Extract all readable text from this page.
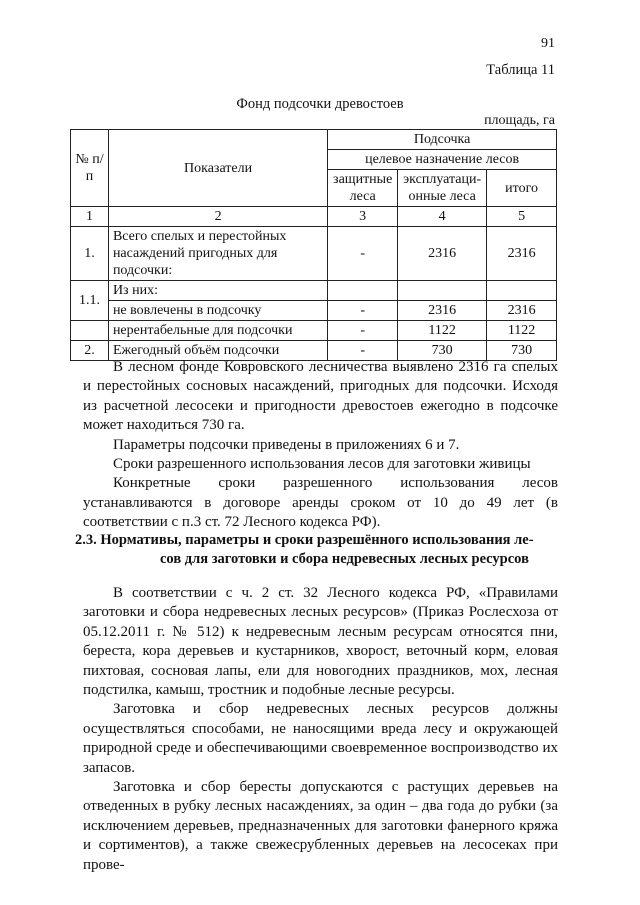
91
Таблица 11
Фонд подсочки древостоев
площадь, га
№ п/п	Показатели	Подсочка		
		целевое назначение лесов		
		защитные леса	эксплуатаци-онные леса	итого
1	2	3	4	5
1.	Всего спелых и перестойных насаждений пригодных для подсочки:	-	2316	2316
1.1.	Из них:			
	не вовлечены в подсочку	-	2316	2316
	нерентабельные для подсочки	-	1122	1122
2.	Ежегодный объём подсочки	-	730	730

В лесном фонде Ковровского лесничества выявлено 2316 га спелых и перестойных сосновых насаждений, пригодных для подсочки. Исходя из расчетной лесосеки и пригодности древостоев ежегодно в подсочке может находиться 730 га.

Параметры подсочки приведены в приложениях 6 и 7.

Сроки разрешенного использования лесов для заготовки живицы

Конкретные сроки разрешенного использования лесов устанавливаются в договоре аренды сроком от 10 до 49 лет (в соответствии с п.3 ст. 72 Лесного кодекса РФ).

2.3. Нормативы, параметры и сроки разрешённого использования ле-
сов для заготовки и сбора недревесных лесных ресурсов

В соответствии с ч. 2 ст. 32 Лесного кодекса РФ, «Правилами заготовки и сбора недревесных лесных ресурсов» (Приказ Рослесхоза от 05.12.2011 г. № 512) к недревесным лесным ресурсам относятся пни, береста, кора деревьев и кустарников, хворост, веточный корм, еловая пихтовая, сосновая лапы, ели для новогодних праздников, мох, лесная подстилка, камыш, тростник и подобные лесные ресурсы.

Заготовка и сбор недревесных лесных ресурсов должны осуществляться способами, не наносящими вреда лесу и окружающей природной среде и обеспечивающими своевременное воспроизводство их запасов.

Заготовка и сбор бересты допускаются с растущих деревьев на отведенных в рубку лесных насаждениях, за один – два года до рубки (за исключением деревьев, предназначенных для заготовки фанерного кряжа и сортиментов), а также свежесрубленных деревьев на лесосеках при прове-
